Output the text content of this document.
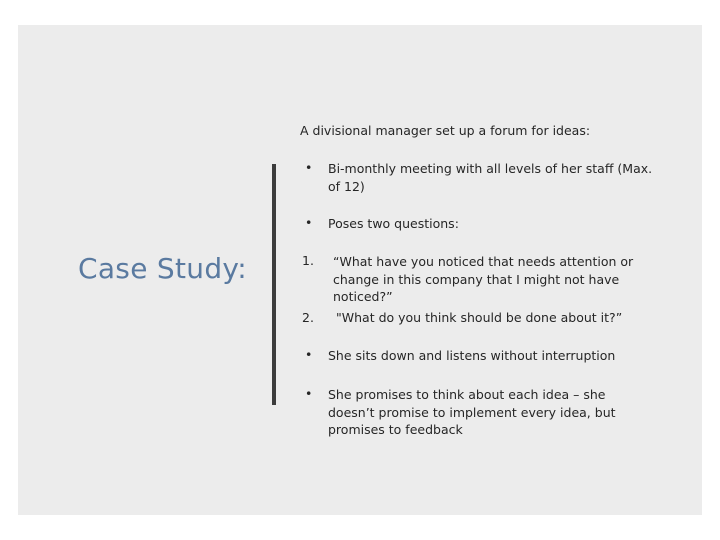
Case Study:
A divisional manager set up a forum for ideas:
• Bi-monthly meeting with all levels of her staff (Max. of 12)
• Poses two questions:
1. “What have you noticed that needs attention or change in this company that I might not have noticed?”
2. "What do you think should be done about it?”
• She sits down and listens without interruption
• She promises to think about each idea – she doesn’t promise to implement every idea, but promises to feedback
